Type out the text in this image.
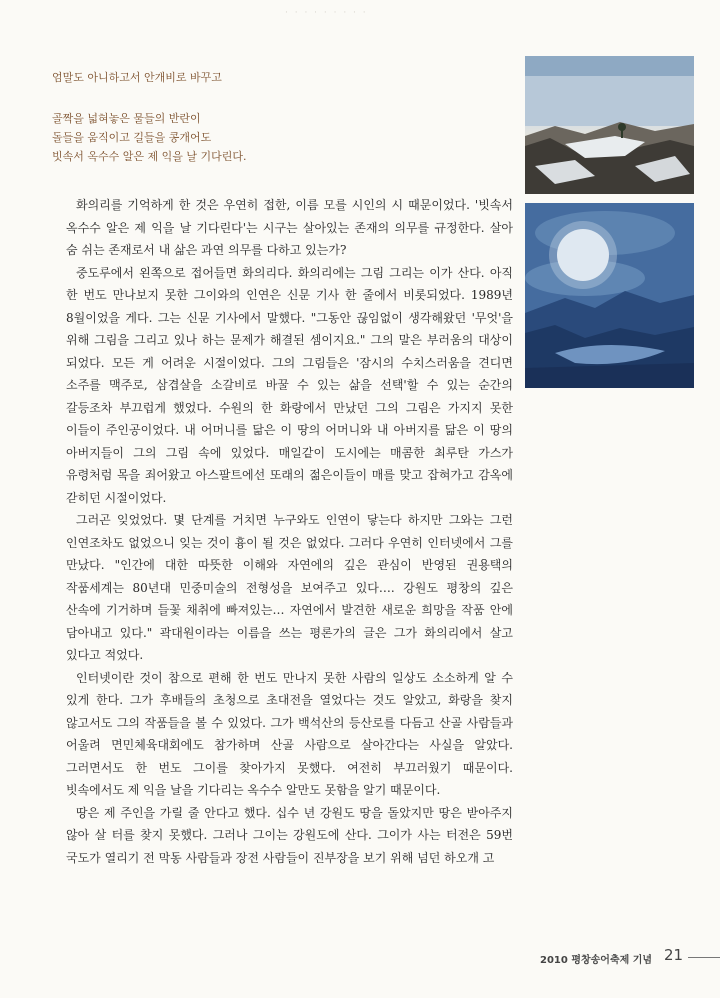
· · · · · · · · ·
엄말도 아니하고서 안개비로 바꾸고
골짝을 넓혀놓은 물들의 반란이
돌들을 움직이고 길들을 콩개어도
빗속서 옥수수 알은 제 익을 날 기다린다.

화의리를 기억하게 한 것은 우연히 접한, 이름 모를 시인의 시 때문이었다. '빗속서 옥수수 알은 제 익을 날 기다린다'는 시구는 살아있는 존재의 의무를 규정한다. 살아 숨 쉬는 존재로서 내 삶은 과연 의무를 다하고 있는가?

중도루에서 왼쪽으로 접어들면 화의리다. 화의리에는 그림 그리는 이가 산다. 아직 한 번도 만나보지 못한 그이와의 인연은 신문 기사 한 줄에서 비롯되었다. 1989년 8월이었을 게다. 그는 신문 기사에서 말했다. "그동안 끊임없이 생각해왔던 '무엇'을 위해 그림을 그리고 있나 하는 문제가 해결된 셈이지요." 그의 말은 부러움의 대상이 되었다. 모든 게 어려운 시절이었다. 그의 그림들은 '잠시의 수치스러움을 견디면 소주를 맥주로, 삼겹살을 소갈비로 바꿀 수 있는 삶을 선택'할 수 있는 순간의 갈등조차 부끄럽게 했었다. 수원의 한 화랑에서 만났던 그의 그림은 가지지 못한 이들이 주인공이었다. 내 어머니를 닮은 이 땅의 어머니와 내 아버지를 닮은 이 땅의 아버지들이 그의 그림 속에 있었다. 매일같이 도시에는 매콤한 최루탄 가스가 유령처럼 목을 죄어왔고 아스팔트에선 또래의 젊은이들이 매를 맞고 잡혀가고 감옥에 갇히던 시절이었다.

그러곤 잊었었다. 몇 단계를 거치면 누구와도 인연이 닿는다 하지만 그와는 그런 인연조차도 없었으니 잊는 것이 흉이 될 것은 없었다. 그러다 우연히 인터넷에서 그를 만났다. "인간에 대한 따뜻한 이해와 자연에의 깊은 관심이 반영된 권용택의 작품세계는 80년대 민중미술의 전형성을 보여주고 있다…. 강원도 평창의 깊은 산속에 기거하며 들꽃 채취에 빠져있는… 자연에서 발견한 새로운 희망을 작품 안에 담아내고 있다." 곽대원이라는 이름을 쓰는 평론가의 글은 그가 화의리에서 살고 있다고 적었다.

인터넷이란 것이 참으로 편해 한 번도 만나지 못한 사람의 일상도 소소하게 알 수 있게 한다. 그가 후배들의 초청으로 초대전을 열었다는 것도 알았고, 화랑을 찾지 않고서도 그의 작품들을 볼 수 있었다. 그가 백석산의 등산로를 다듬고 산골 사람들과 어울려 면민체육대회에도 참가하며 산골 사람으로 살아간다는 사실을 알았다. 그러면서도 한 번도 그이를 찾아가지 못했다. 여전히 부끄러웠기 때문이다. 빗속에서도 제 익을 날을 기다리는 옥수수 알만도 못함을 알기 때문이다.

땅은 제 주인을 가릴 줄 안다고 했다. 십수 년 강원도 땅을 돌았지만 땅은 받아주지 않아 살 터를 찾지 못했다. 그러나 그이는 강원도에 산다. 그이가 사는 터전은 59번 국도가 열리기 전 막동 사람들과 장전 사람들이 진부장을 보기 위해 넘던 하오개 고

2010 평창송어축제 기념 21
